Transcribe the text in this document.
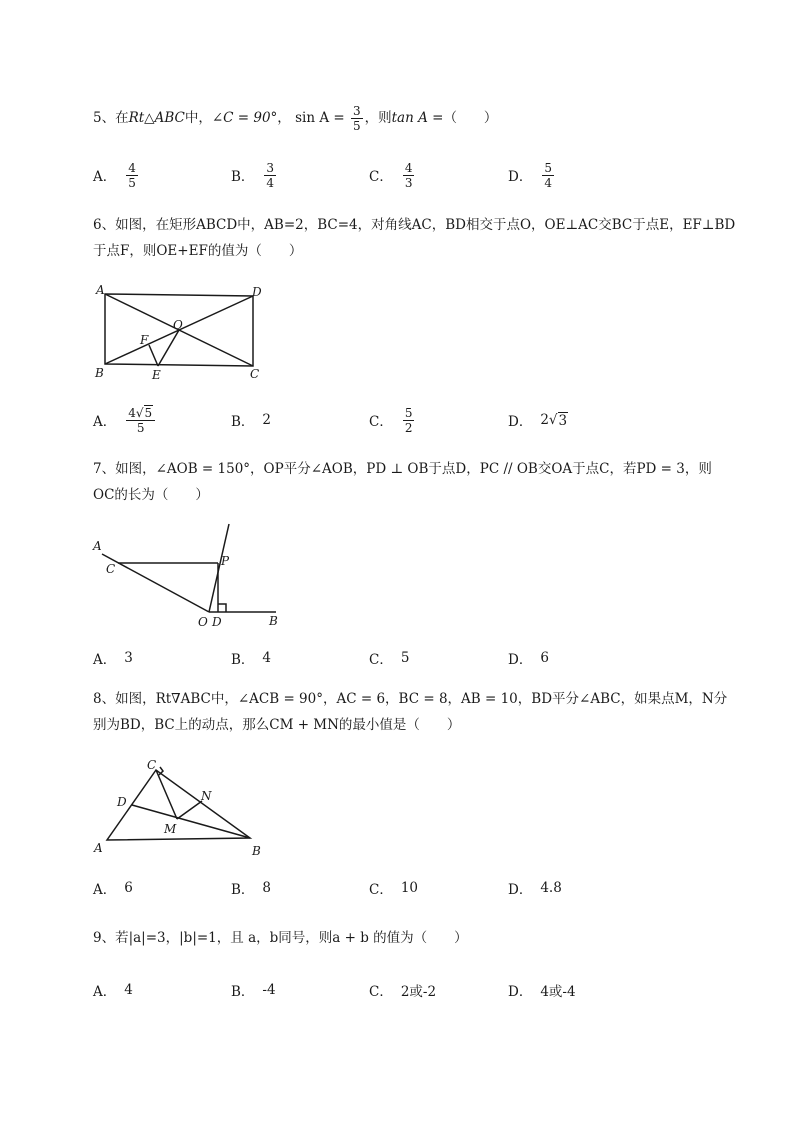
5、在Rt△ABC中，∠C = 90°， $\sin A = \frac{3}{5}$ ，则tan A =（　　）
A． $\frac{4}{5}$	B． $\frac{3}{4}$	C． $\frac{4}{3}$	D． $\frac{5}{4}$
6、如图，在矩形ABCD中，AB=2，BC=4，对角线AC，BD相交于点O，OE⊥AC交BC于点E，EF⊥BD
于点F，则OE+EF的值为（　　）
A	D
O
F
B	E	C
A． $\frac{4√5}{5}$	B． 2	C． $\frac{5}{2}$	D． 2 √ 3
7、如图，∠AOB = 150°，OP平分∠AOB，PD ⊥ OB于点D，PC // OB交OA于点C，若PD = 3，则
OC的长为（　　）
A
C
P
O D	B
A． 3	B． 4	C． 5	D． 6
8、如图，Rt∇ABC中，∠ACB = 90°，AC = 6，BC = 8，AB = 10，BD平分∠ABC，如果点M，N分
别为BD，BC上的动点，那么CM + MN的最小值是（　　）
C
D	N
M
A	B
A． 6	B． 8	C． 10	D． 4.8
9、若|a|=3，|b|=1，且 a，b同号，则a + b 的值为（　　）
A． 4	B． -4	C． 2或-2	D． 4或-4
